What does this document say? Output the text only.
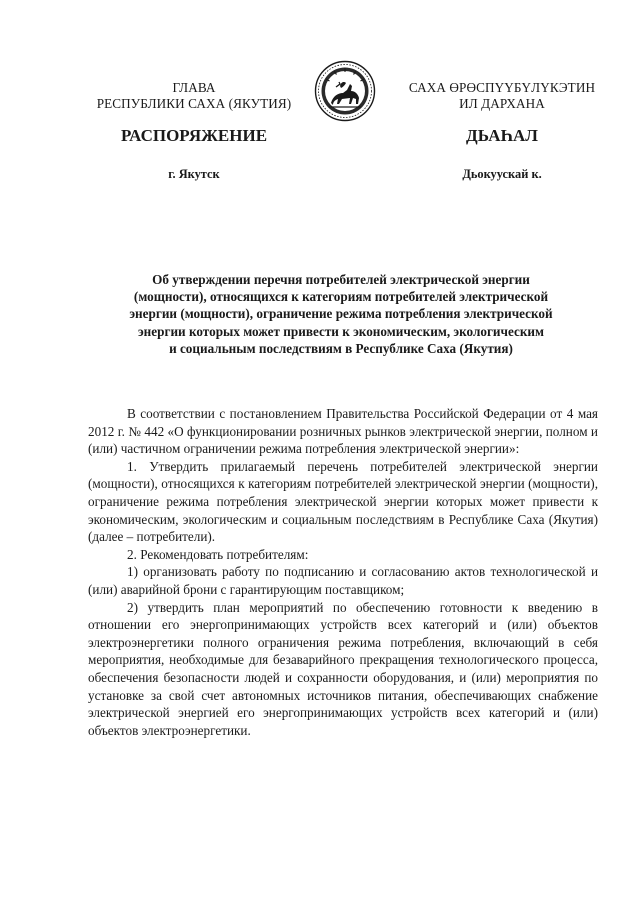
ГЛАВА
РЕСПУБЛИКИ САХА (ЯКУТИЯ)
САХА ӨРӨСПҮҮБҮЛҮКЭТИН
ИЛ ДАРХАНА
РАСПОРЯЖЕНИЕ	ДЬАҺАЛ
г. Якутск	Дьокуускай к.
Об утверждении перечня потребителей электрической энергии
(мощности), относящихся к категориям потребителей электрической
энергии (мощности), ограничение режима потребления электрической
энергии которых может привести к экономическим, экологическим
и социальным последствиям в Республике Саха (Якутия)

В соответствии с постановлением Правительства Российской Федерации от 4 мая 2012 г. № 442 «О функционировании розничных рынков электрической энергии, полном и (или) частичном ограничении режима потребления электрической энергии»:

1. Утвердить прилагаемый перечень потребителей электрической энергии (мощности), относящихся к категориям потребителей электрической энергии (мощности), ограничение режима потребления электрической энергии которых может привести к экономическим, экологическим и социальным последствиям в Республике Саха (Якутия) (далее – потребители).

2. Рекомендовать потребителям:

1) организовать работу по подписанию и согласованию актов технологической и (или) аварийной брони с гарантирующим поставщиком;

2) утвердить план мероприятий по обеспечению готовности к введению в отношении его энергопринимающих устройств всех категорий и (или) объектов электроэнергетики полного ограничения режима потребления, включающий в себя мероприятия, необходимые для безаварийного прекращения технологического процесса, обеспечения безопасности людей и сохранности оборудования, и (или) мероприятия по установке за свой счет автономных источников питания, обеспечивающих снабжение электрической энергией его энергопринимающих устройств всех категорий и (или) объектов электроэнергетики.
